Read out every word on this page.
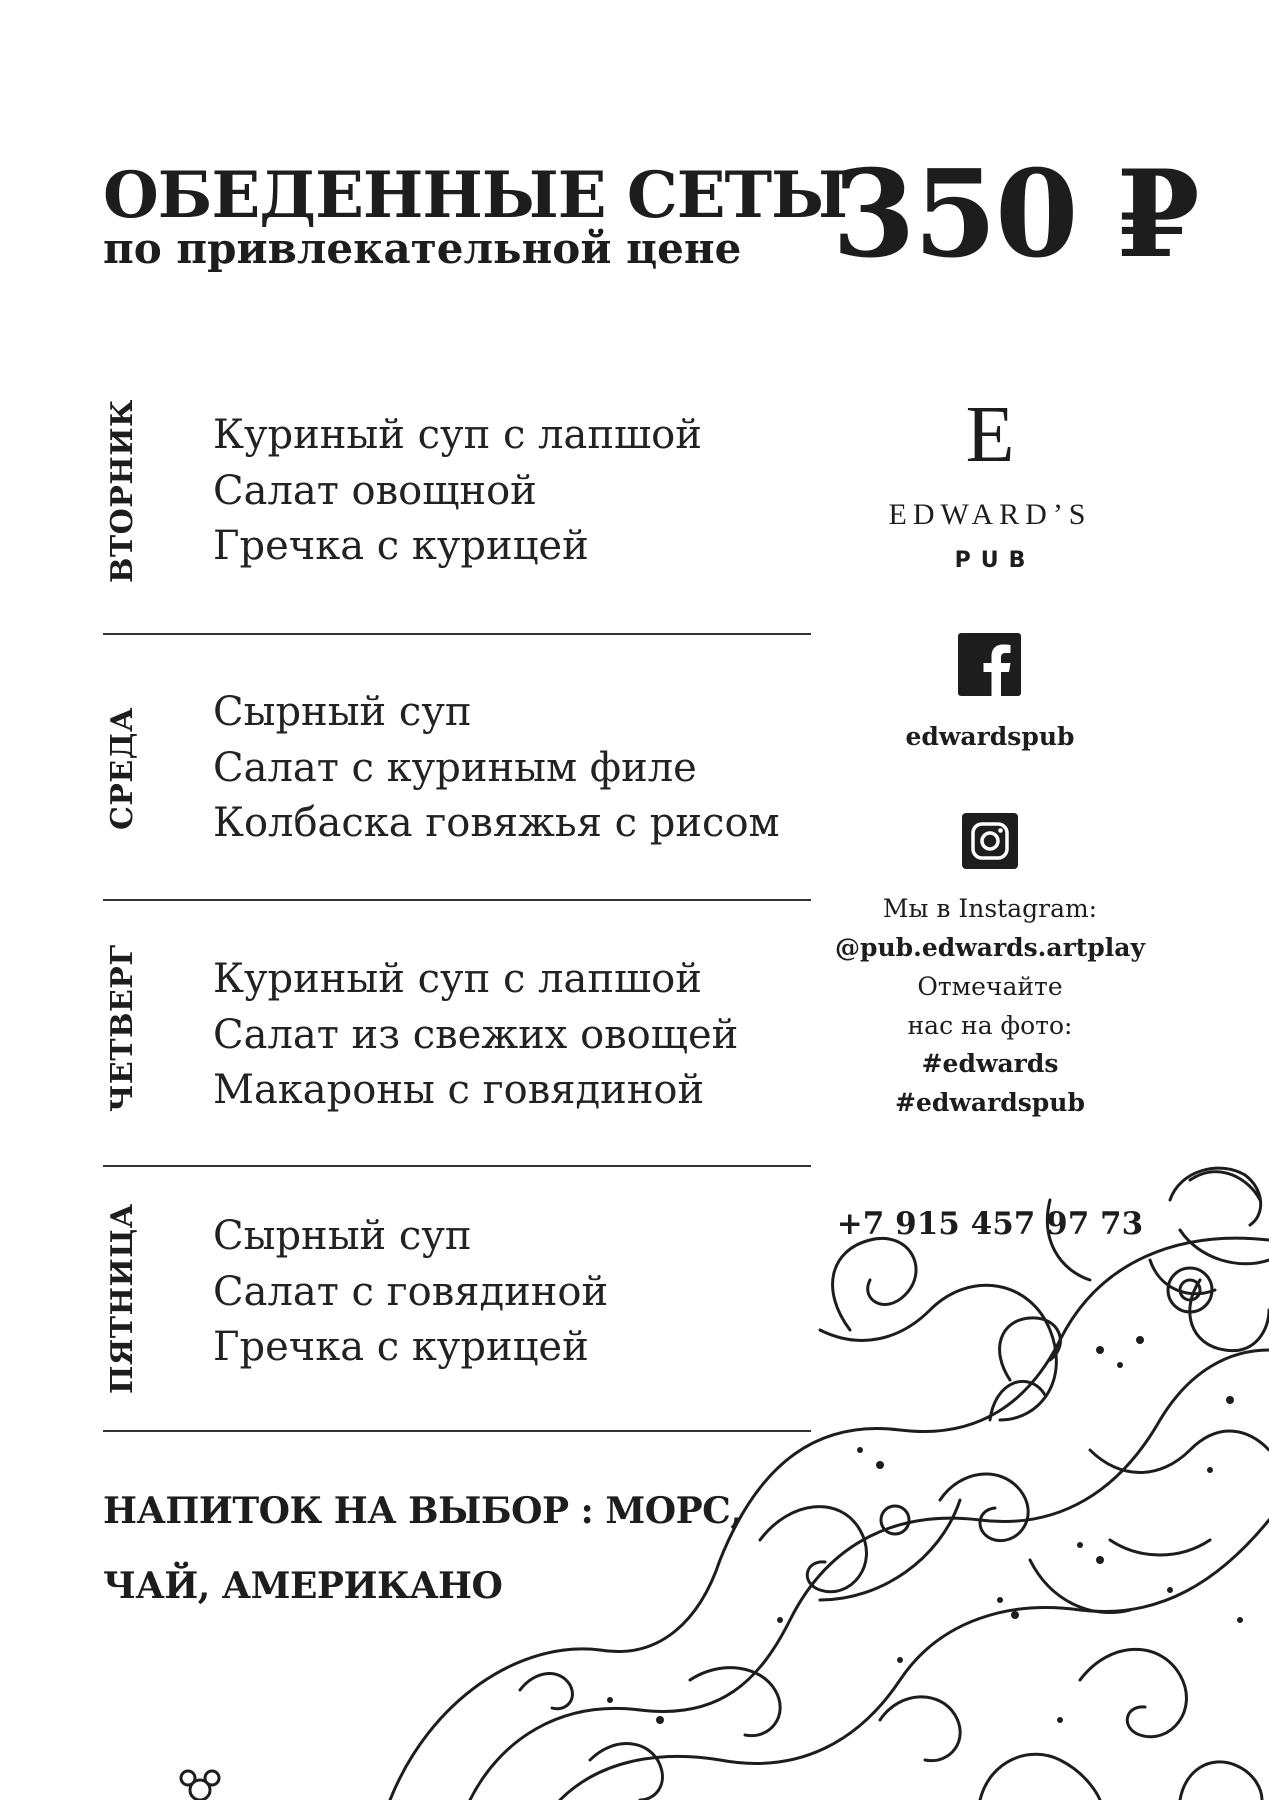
ОБЕДЕННЫЕ СЕТЫ
по привлекательной цене 350 ₽
ВТОРНИК Куриный суп с лапшой
Салат овощной
Гречка с курицей
СРЕДА Сырный суп
Салат с куриным филе
Колбаска говяжья с рисом
ЧЕТВЕРГ Куриный суп с лапшой
Салат из свежих овощей
Макароны с говядиной
ПЯТНИЦА Сырный суп
Салат с говядиной
Гречка с курицей
НАПИТОК НА ВЫБОР : МОРС,
ЧАЙ, АМЕРИКАНО
E
EDWARD’S
PUB
edwardspub
Мы в Instagram:
@pub.edwards.artplay
Отмечайте
нас на фото:
#edwards
#edwardspub
+7 915 457 97 73
